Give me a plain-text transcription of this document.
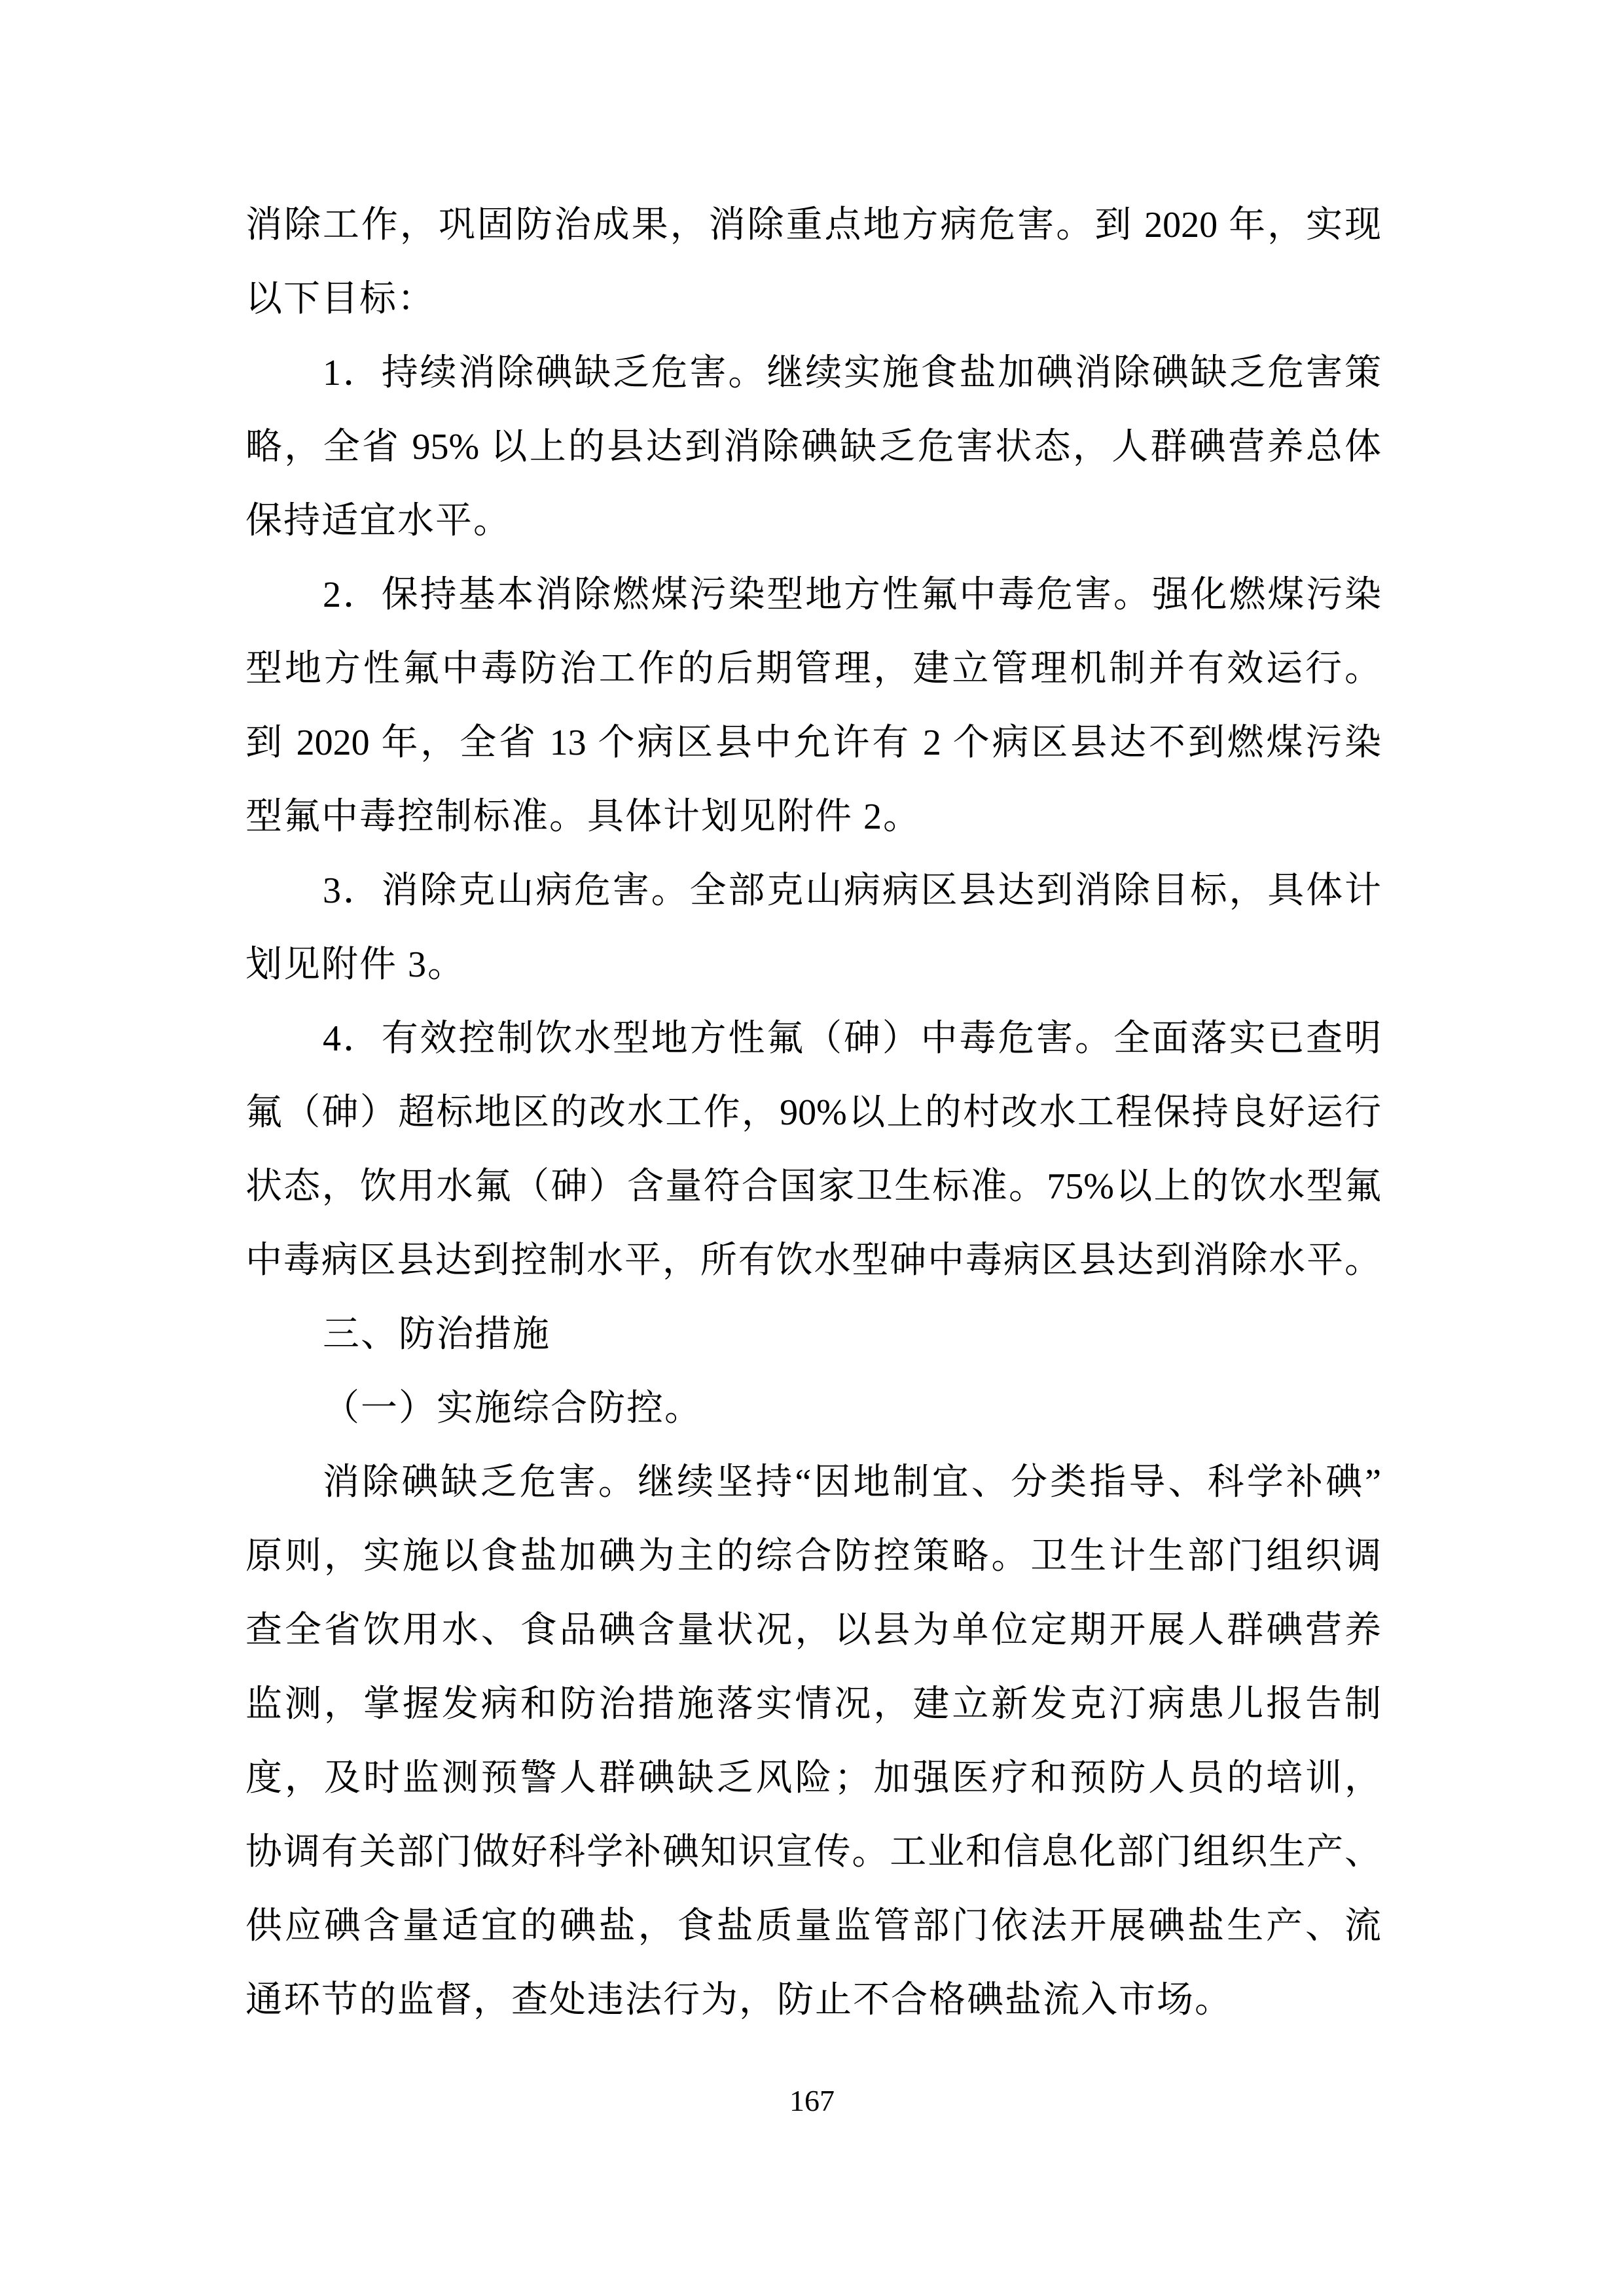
消除工作，巩固防治成果，消除重点地方病危害。到 2020 年，实现
以下目标：
1．持续消除碘缺乏危害。继续实施食盐加碘消除碘缺乏危害策
略，全省 95% 以上的县达到消除碘缺乏危害状态，人群碘营养总体
保持适宜水平。
2．保持基本消除燃煤污染型地方性氟中毒危害。强化燃煤污染
型地方性氟中毒防治工作的后期管理，建立管理机制并有效运行。
到 2020 年，全省 13 个病区县中允许有 2 个病区县达不到燃煤污染
型氟中毒控制标准。具体计划见附件 2。
3．消除克山病危害。全部克山病病区县达到消除目标，具体计
划见附件 3。
4．有效控制饮水型地方性氟（砷）中毒危害。全面落实已查明
氟（砷）超标地区的改水工作，90%以上的村改水工程保持良好运行
状态，饮用水氟（砷）含量符合国家卫生标准。75%以上的饮水型氟
中毒病区县达到控制水平，所有饮水型砷中毒病区县达到消除水平。
三、防治措施
（一）实施综合防控。
消除碘缺乏危害。继续坚持“因地制宜、分类指导、科学补碘”
原则，实施以食盐加碘为主的综合防控策略。卫生计生部门组织调
查全省饮用水、食品碘含量状况，以县为单位定期开展人群碘营养
监测，掌握发病和防治措施落实情况，建立新发克汀病患儿报告制
度，及时监测预警人群碘缺乏风险；加强医疗和预防人员的培训，
协调有关部门做好科学补碘知识宣传。工业和信息化部门组织生产、
供应碘含量适宜的碘盐，食盐质量监管部门依法开展碘盐生产、流
通环节的监督，查处违法行为，防止不合格碘盐流入市场。
167
